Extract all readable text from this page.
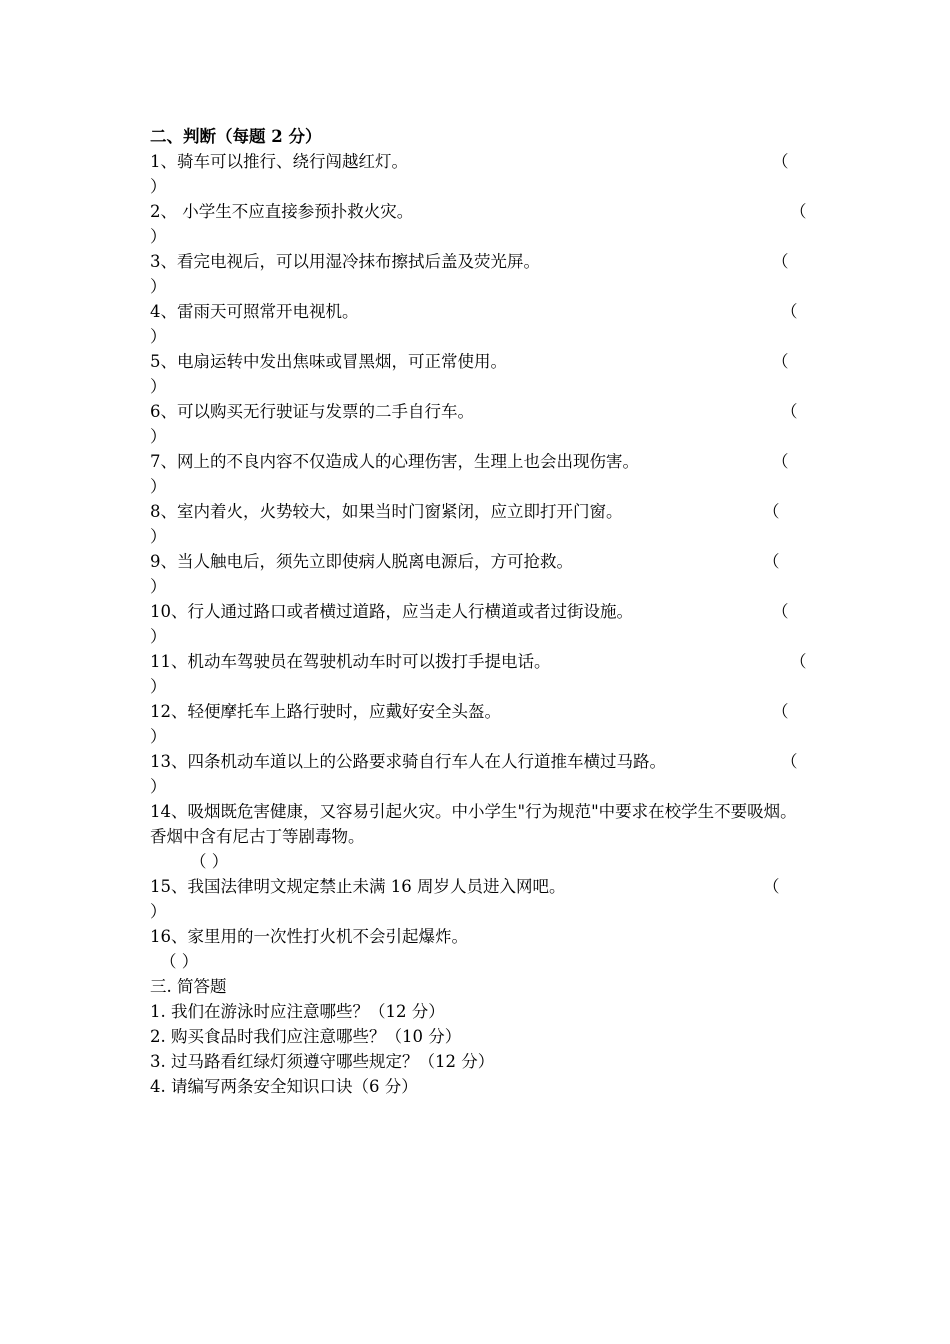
二、判断（每题 2 分）
1、骑车可以推行、绕行闯越红灯。	（
）
2、 小学生不应直接参预扑救火灾。	（
）
3、看完电视后，可以用湿冷抹布擦拭后盖及荧光屏。	（
）
4、雷雨天可照常开电视机。	（
）
5、电扇运转中发出焦味或冒黑烟，可正常使用。	（
）
6、可以购买无行驶证与发票的二手自行车。	（
）
7、网上的不良内容不仅造成人的心理伤害，生理上也会出现伤害。	（
）
8、室内着火，火势较大，如果当时门窗紧闭，应立即打开门窗。	（
）
9、当人触电后，须先立即使病人脱离电源后，方可抢救。	（
）
10、行人通过路口或者横过道路，应当走人行横道或者过街设施。	（
）
11、机动车驾驶员在驾驶机动车时可以拨打手提电话。	（
）
12、轻便摩托车上路行驶时，应戴好安全头盔。	（
）
13、四条机动车道以上的公路要求骑自行车人在人行道推车横过马路。	（
）
14、吸烟既危害健康，又容易引起火灾。中小学生"行为规范"中要求在校学生不要吸烟。香烟中含有尼古丁等剧毒物。
（ ）
15、我国法律明文规定禁止未满 16 周岁人员进入网吧。	（
）
16、家里用的一次性打火机不会引起爆炸。
（ ）
三. 简答题
1. 我们在游泳时应注意哪些？（12 分）
2. 购买食品时我们应注意哪些？（10 分）
3. 过马路看红绿灯须遵守哪些规定？（12 分）
4. 请编写两条安全知识口诀（6 分）
